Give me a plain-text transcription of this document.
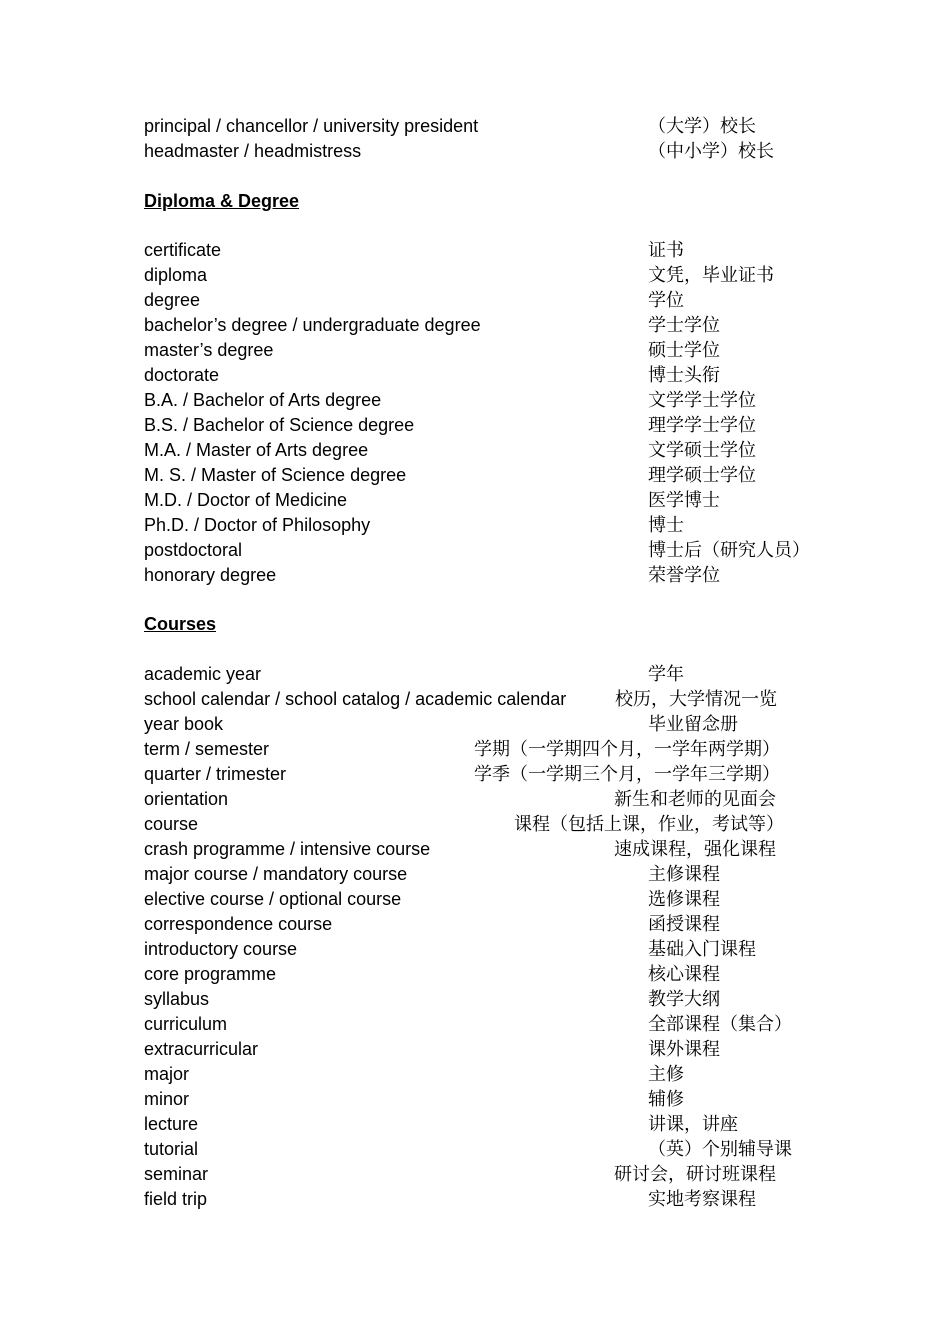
principal / chancellor / university president	（大学）校长
headmaster / headmistress	（中小学）校长
Diploma & Degree
certificate	证书
diploma	文凭，毕业证书
degree	学位
bachelor’s degree / undergraduate degree	学士学位
master’s degree	硕士学位
doctorate	博士头衔
B.A. / Bachelor of Arts degree	文学学士学位
B.S. / Bachelor of Science degree	理学学士学位
M.A. / Master of Arts degree	文学硕士学位
M. S. / Master of Science degree	理学硕士学位
M.D. / Doctor of Medicine	医学博士
Ph.D. / Doctor of Philosophy	博士
postdoctoral	博士后（研究人员）
honorary degree	荣誉学位
Courses
academic year	学年
school calendar / school catalog / academic calendar	校历，大学情况一览
year book	毕业留念册
term / semester	学期（一学期四个月，一学年两学期）
quarter / trimester	学季（一学期三个月，一学年三学期）
orientation	新生和老师的见面会
course	课程（包括上课，作业，考试等）
crash programme / intensive course	速成课程，强化课程
major course / mandatory course	主修课程
elective course / optional course	选修课程
correspondence course	函授课程
introductory course	基础入门课程
core programme	核心课程
syllabus	教学大纲
curriculum	全部课程（集合）
extracurricular	课外课程
major	主修
minor	辅修
lecture	讲课，讲座
tutorial	（英）个别辅导课
seminar	研讨会，研讨班课程
field trip	实地考察课程
